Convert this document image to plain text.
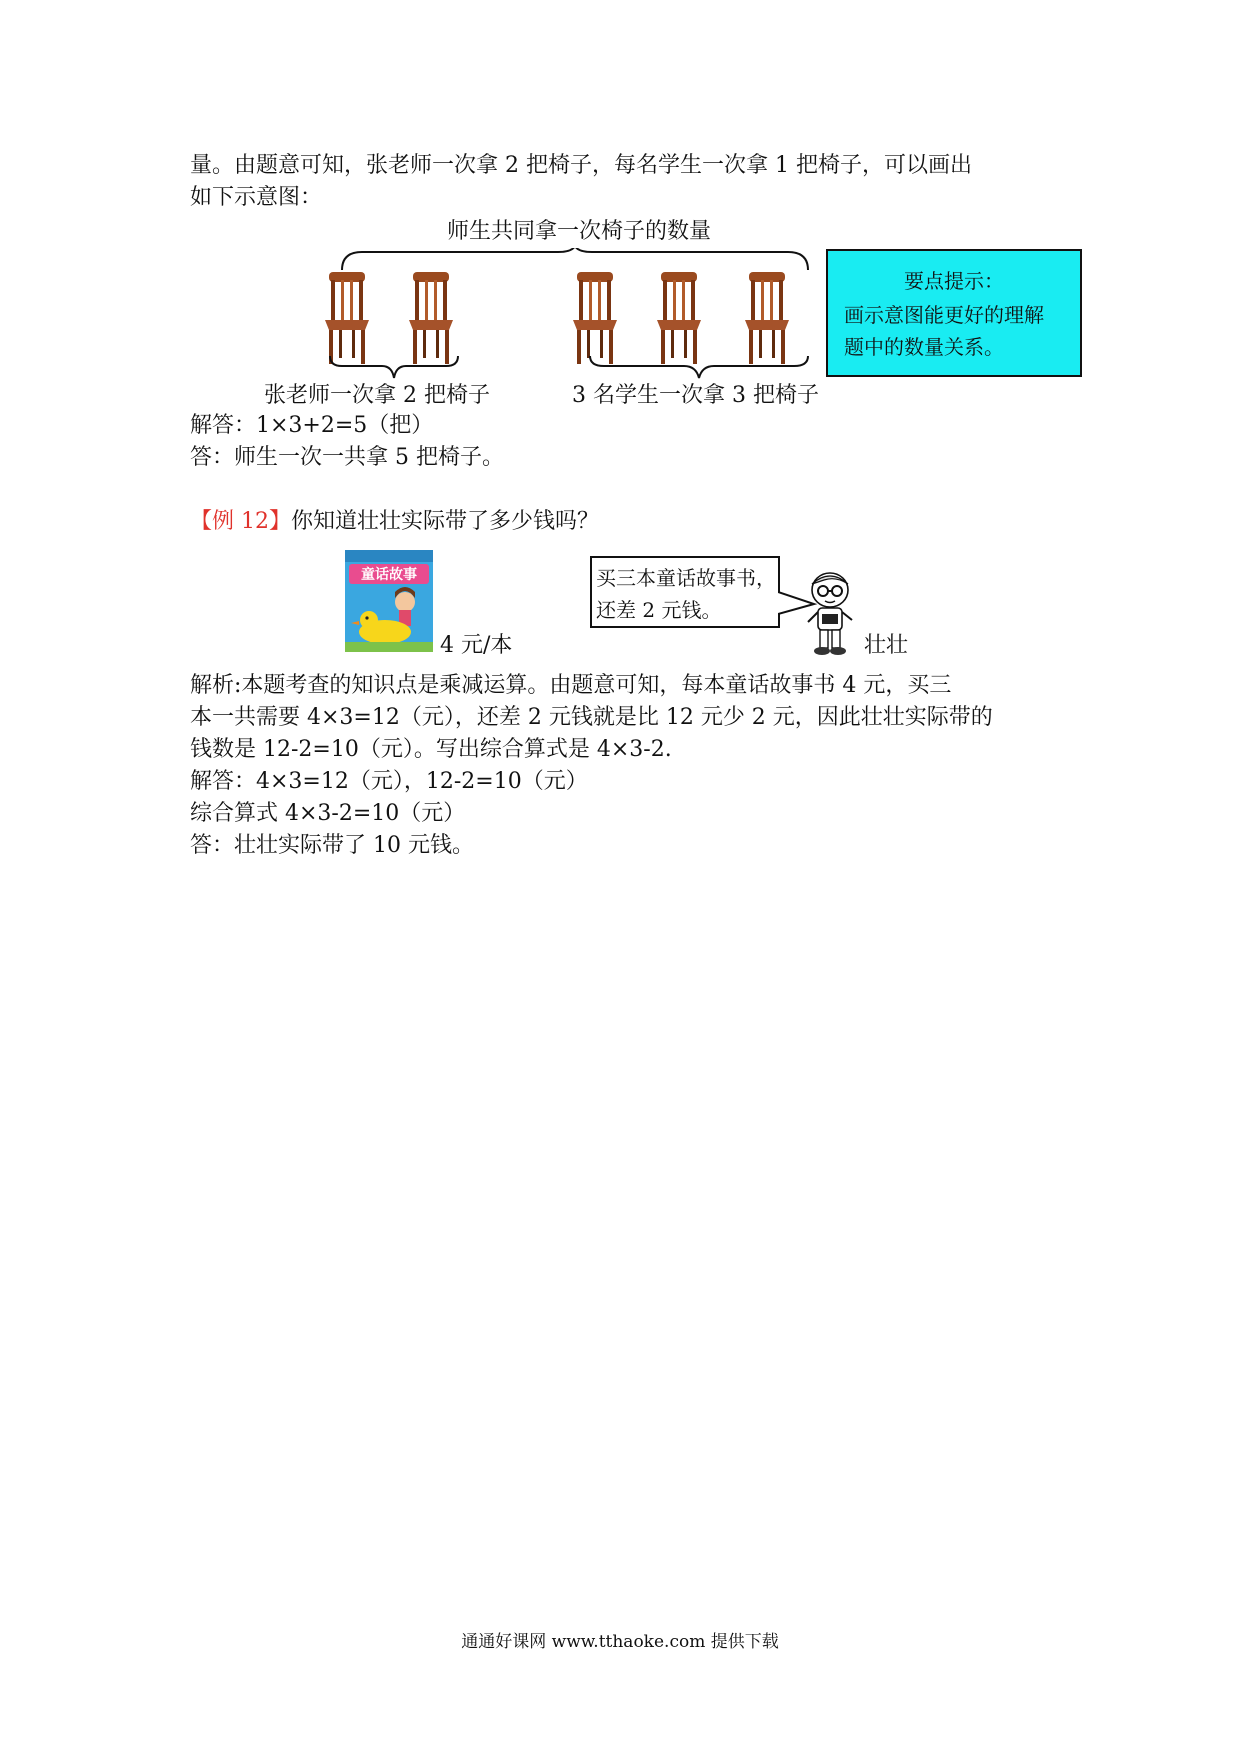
量。由题意可知，张老师一次拿 2 把椅子，每名学生一次拿 1 把椅子，可以画出
如下示意图：
师生共同拿一次椅子的数量
张老师一次拿 2 把椅子	3 名学生一次拿 3 把椅子
要点提示：
画示意图能更好的理解
题中的数量关系。
解答：1×3+2=5（把）
答：师生一次一共拿 5 把椅子。
【例 12】你知道壮壮实际带了多少钱吗？
童话故事
4 元/本
买三本童话故事书，
还差 2 元钱。
壮壮
解析:本题考查的知识点是乘减运算。由题意可知，每本童话故事书 4 元，买三
本一共需要 4×3=12（元），还差 2 元钱就是比 12 元少 2 元，因此壮壮实际带的
钱数是 12-2=10（元）。写出综合算式是 4×3-2.
解答：4×3=12（元），12-2=10（元）
综合算式 4×3-2=10（元）
答：壮壮实际带了 10 元钱。
通通好课网 www.tthaoke.com 提供下载
